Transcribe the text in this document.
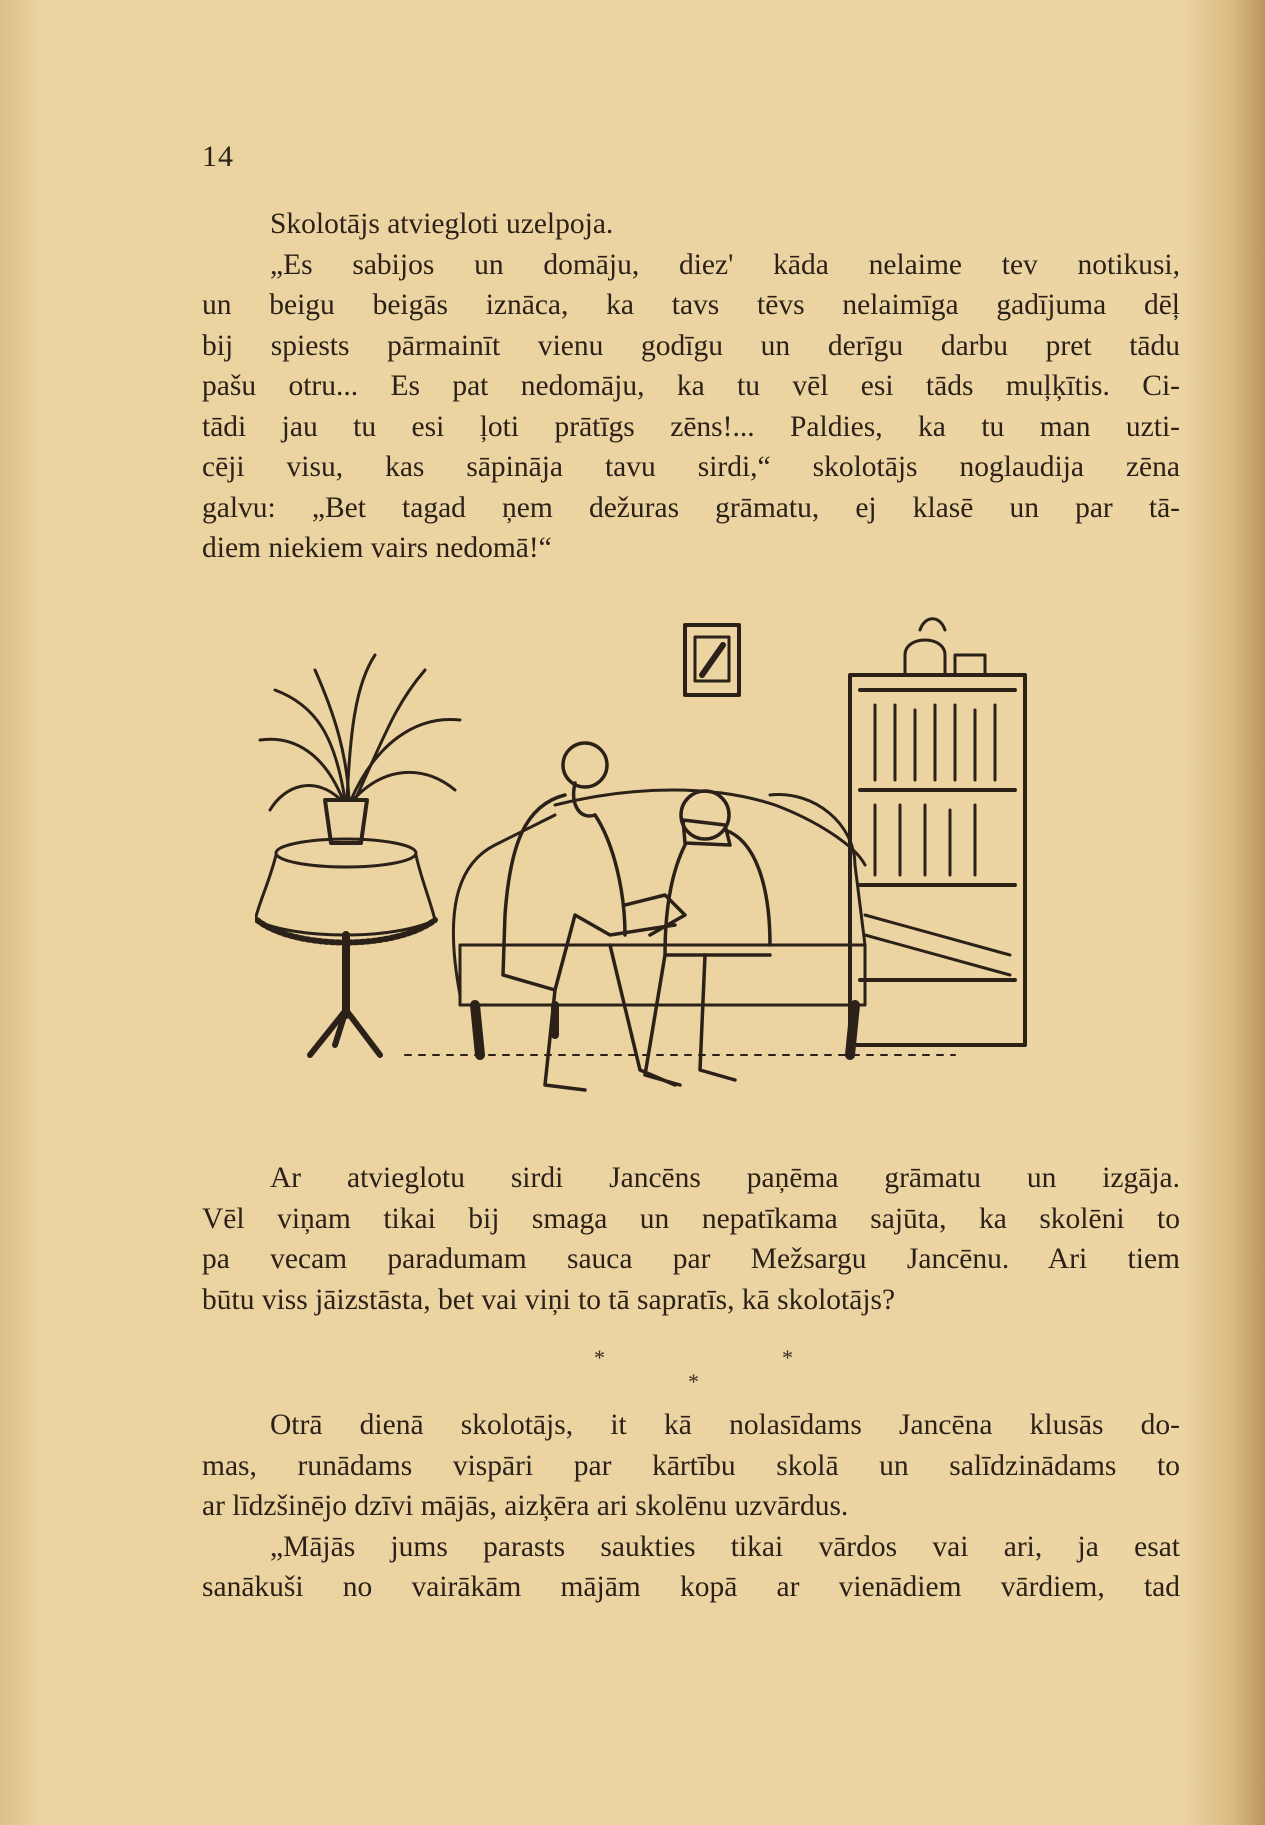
14
Skolotājs atviegloti uzelpoja.
„Es sabijos un domāju, diez' kāda nelaime tev notikusi,
un beigu beigās iznāca, ka tavs tēvs nelaimīga gadījuma dēļ
bij spiests pārmainīt vienu godīgu un derīgu darbu pret tādu
pašu otru... Es pat nedomāju, ka tu vēl esi tāds muļķītis. Ci-
tādi jau tu esi ļoti prātīgs zēns!... Paldies, ka tu man uzti-
cēji visu, kas sāpināja tavu sirdi,“ skolotājs noglaudija zēna
galvu: „Bet tagad ņem dežuras grāmatu, ej klasē un par tā-
diem niekiem vairs nedomā!“
Ar atvieglotu sirdi Jancēns paņēma grāmatu un izgāja.
Vēl viņam tikai bij smaga un nepatīkama sajūta, ka skolēni to
pa vecam paradumam sauca par Mežsargu Jancēnu. Ari tiem
būtu viss jāizstāsta, bet vai viņi to tā sapratīs, kā skolotājs?
*	*
*
Otrā dienā skolotājs, it kā nolasīdams Jancēna klusās do-
mas, runādams vispāri par kārtību skolā un salīdzinādams to
ar līdzšinējo dzīvi mājās, aizķēra ari skolēnu uzvārdus.
„Mājās jums parasts saukties tikai vārdos vai ari, ja esat
sanākuši no vairākām mājām kopā ar vienādiem vārdiem, tad
